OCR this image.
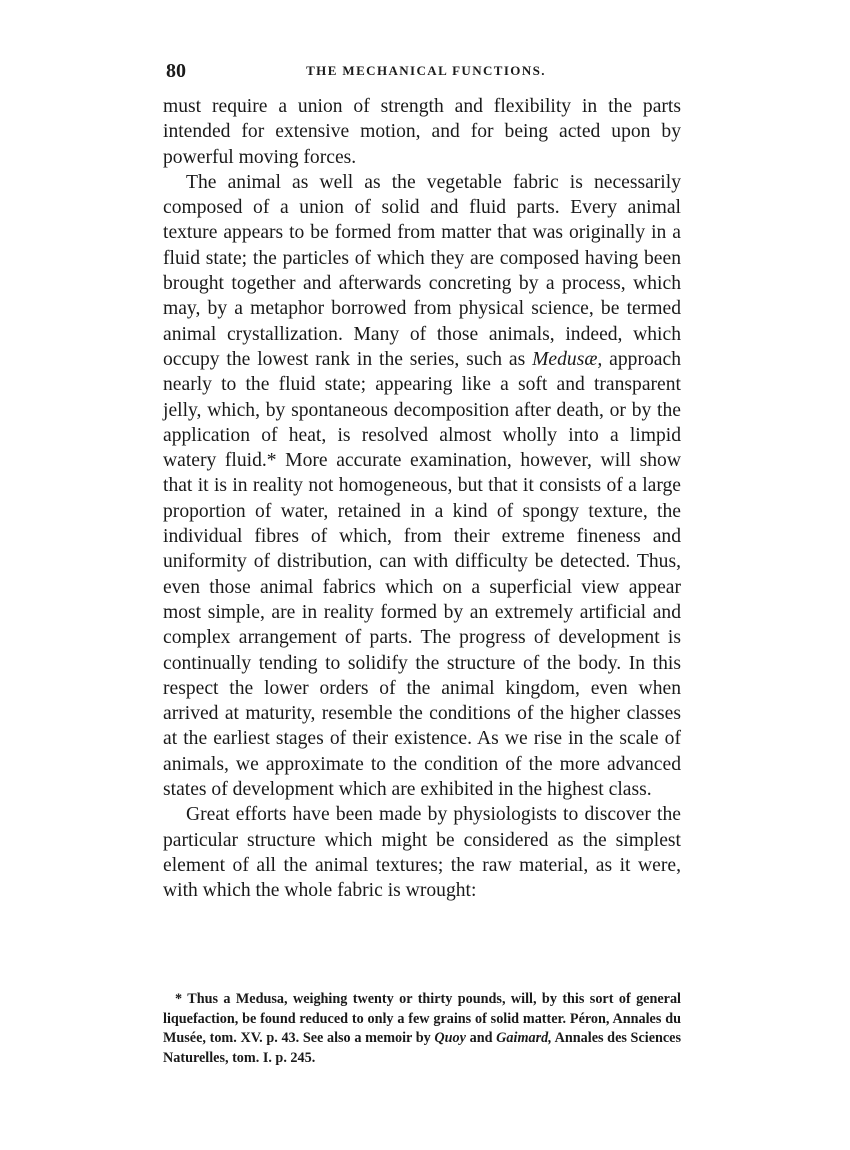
80	THE MECHANICAL FUNCTIONS.

must require a union of strength and flexibility in the parts intended for extensive motion, and for being acted upon by powerful moving forces.

The animal as well as the vegetable fabric is necessarily composed of a union of solid and fluid parts. Every animal texture appears to be formed from matter that was originally in a fluid state; the particles of which they are composed having been brought together and afterwards concreting by a process, which may, by a metaphor borrowed from physical science, be termed animal crystallization. Many of those animals, indeed, which occupy the lowest rank in the series, such as Medusæ, approach nearly to the fluid state; appearing like a soft and transparent jelly, which, by spontaneous decomposition after death, or by the application of heat, is resolved almost wholly into a limpid watery fluid.* More accurate examination, however, will show that it is in reality not homogeneous, but that it consists of a large proportion of water, retained in a kind of spongy texture, the individual fibres of which, from their extreme fineness and uniformity of distribution, can with difficulty be detected. Thus, even those animal fabrics which on a superficial view appear most simple, are in reality formed by an extremely artificial and complex arrangement of parts. The progress of development is continually tending to solidify the structure of the body. In this respect the lower orders of the animal kingdom, even when arrived at maturity, resemble the conditions of the higher classes at the earliest stages of their existence. As we rise in the scale of animals, we approximate to the condition of the more advanced states of development which are exhibited in the highest class.

Great efforts have been made by physiologists to discover the particular structure which might be considered as the simplest element of all the animal textures; the raw material, as it were, with which the whole fabric is wrought:

* Thus a Medusa, weighing twenty or thirty pounds, will, by this sort of general liquefaction, be found reduced to only a few grains of solid matter. Péron, Annales du Musée, tom. XV. p. 43. See also a memoir by Quoy and Gaimard, Annales des Sciences Naturelles, tom. I. p. 245.
